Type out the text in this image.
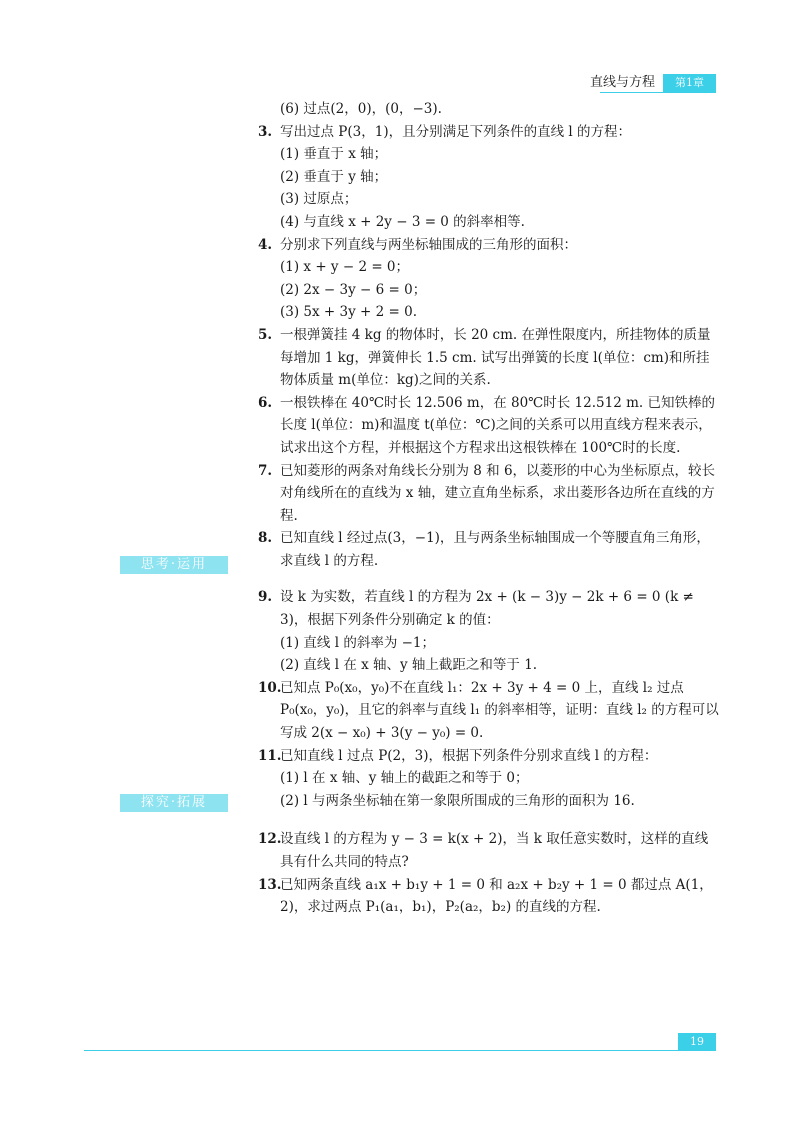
直线与方程	第1章
思考·运用
探究·拓展
(6) 过点(2，0)，(0，−3).
3. 写出过点 P(3，1)，且分别满足下列条件的直线 l 的方程：
(1) 垂直于 x 轴；
(2) 垂直于 y 轴；
(3) 过原点；
(4) 与直线 x + 2y − 3 = 0 的斜率相等.
4. 分别求下列直线与两坐标轴围成的三角形的面积：
(1) x + y − 2 = 0；
(2) 2x − 3y − 6 = 0；
(3) 5x + 3y + 2 = 0.
5. 一根弹簧挂 4 kg 的物体时，长 20 cm. 在弹性限度内，所挂物体的质量每增加 1 kg，弹簧伸长 1.5 cm. 试写出弹簧的长度 l(单位：cm)和所挂物体质量 m(单位：kg)之间的关系.
6. 一根铁棒在 40℃时长 12.506 m，在 80℃时长 12.512 m. 已知铁棒的长度 l(单位：m)和温度 t(单位：℃)之间的关系可以用直线方程来表示，试求出这个方程，并根据这个方程求出这根铁棒在 100℃时的长度.
7. 已知菱形的两条对角线长分别为 8 和 6，以菱形的中心为坐标原点，较长对角线所在的直线为 x 轴，建立直角坐标系，求出菱形各边所在直线的方程.
8. 已知直线 l 经过点(3，−1)，且与两条坐标轴围成一个等腰直角三角形，求直线 l 的方程.
9. 设 k 为实数，若直线 l 的方程为 2x + (k − 3)y − 2k + 6 = 0 (k ≠ 3)，根据下列条件分别确定 k 的值：
(1) 直线 l 的斜率为 −1；
(2) 直线 l 在 x 轴、y 轴上截距之和等于 1.
10.
已知点 P₀(x₀，y₀)不在直线 l₁：2x + 3y + 4 = 0 上，直线 l₂ 过点 P₀(x₀，y₀)，且它的斜率与直线 l₁ 的斜率相等，证明：直线 l₂ 的方程可以写成 2(x − x₀) + 3(y − y₀) = 0.
11.
已知直线 l 过点 P(2，3)，根据下列条件分别求直线 l 的方程：
(1) l 在 x 轴、y 轴上的截距之和等于 0；
(2) l 与两条坐标轴在第一象限所围成的三角形的面积为 16.
12.
设直线 l 的方程为 y − 3 = k(x + 2)，当 k 取任意实数时，这样的直线具有什么共同的特点?
13.
已知两条直线 a₁x + b₁y + 1 = 0 和 a₂x + b₂y + 1 = 0 都过点 A(1，2)，求过两点 P₁(a₁，b₁)，P₂(a₂，b₂) 的直线的方程.
19
